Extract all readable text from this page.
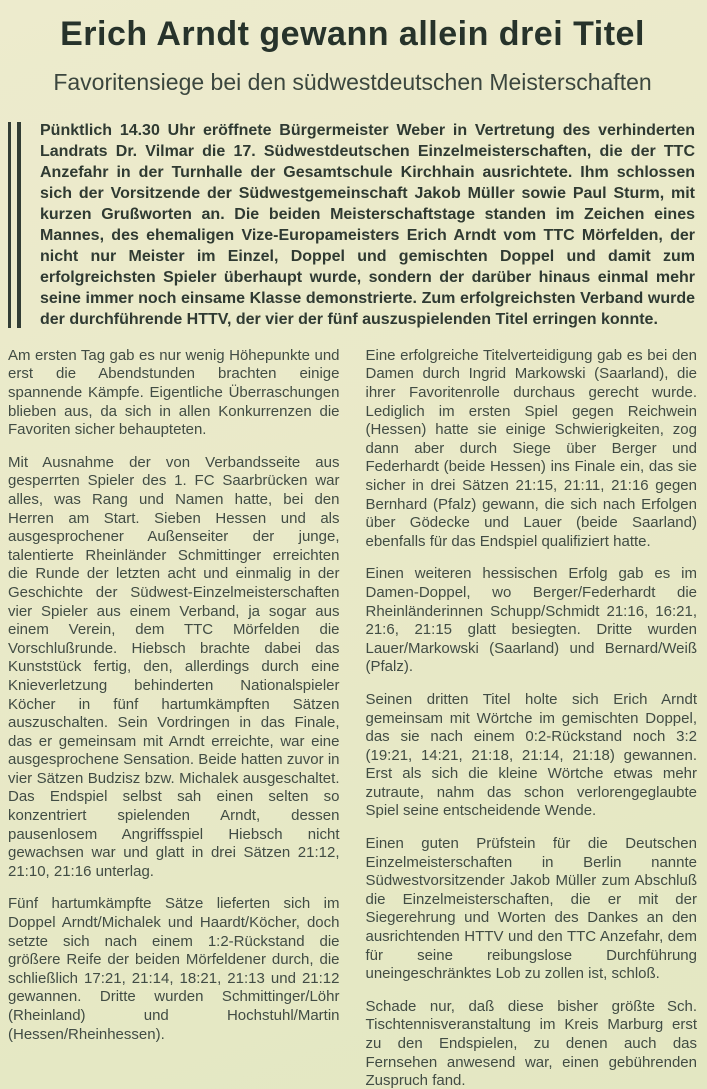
Erich Arndt gewann allein drei Titel
Favoritensiege bei den südwestdeutschen Meisterschaften
Pünktlich 14.30 Uhr eröffnete Bürgermeister Weber in Vertretung des verhinderten Landrats Dr. Vilmar die 17. Südwestdeutschen Einzelmeisterschaften, die der TTC Anzefahr in der Turnhalle der Gesamtschule Kirchhain ausrichtete. Ihm schlossen sich der Vorsitzende der Südwestgemeinschaft Jakob Müller sowie Paul Sturm, mit kurzen Grußworten an. Die beiden Meisterschaftstage standen im Zeichen eines Mannes, des ehemaligen Vize-Europameisters Erich Arndt vom TTC Mörfelden, der nicht nur Meister im Einzel, Doppel und gemischten Doppel und damit zum erfolgreichsten Spieler überhaupt wurde, sondern der darüber hinaus einmal mehr seine immer noch einsame Klasse demonstrierte. Zum erfolgreichsten Verband wurde der durchführende HTTV, der vier der fünf auszuspielenden Titel erringen konnte.

Am ersten Tag gab es nur wenig Höhepunkte und erst die Abendstunden brachten einige spannende Kämpfe. Eigentliche Überraschungen blieben aus, da sich in allen Konkurrenzen die Favoriten sicher behaupteten.

Mit Ausnahme der von Verbandsseite aus gesperrten Spieler des 1. FC Saarbrücken war alles, was Rang und Namen hatte, bei den Herren am Start. Sieben Hessen und als ausgesprochener Außenseiter der junge, talentierte Rheinländer Schmittinger erreichten die Runde der letzten acht und einmalig in der Geschichte der Südwest-Einzelmeisterschaften vier Spieler aus einem Verband, ja sogar aus einem Verein, dem TTC Mörfelden die Vorschlußrunde. Hiebsch brachte dabei das Kunststück fertig, den, allerdings durch eine Knieverletzung behinderten Nationalspieler Köcher in fünf hartumkämpften Sätzen auszuschalten. Sein Vordringen in das Finale, das er gemeinsam mit Arndt erreichte, war eine ausgesprochene Sensation. Beide hatten zuvor in vier Sätzen Budzisz bzw. Michalek ausgeschaltet. Das Endspiel selbst sah einen selten so konzentriert spielenden Arndt, dessen pausenlosem Angriffsspiel Hiebsch nicht gewachsen war und glatt in drei Sätzen 21:12, 21:10, 21:16 unterlag.

Fünf hartumkämpfte Sätze lieferten sich im Doppel Arndt/Michalek und Haardt/Köcher, doch setzte sich nach einem 1:2-Rückstand die größere Reife der beiden Mörfeldener durch, die schließlich 17:21, 21:14, 18:21, 21:13 und 21:12 gewannen. Dritte wurden Schmittinger/Löhr (Rheinland) und Hochstuhl/Martin (Hessen/Rheinhessen).

Eine erfolgreiche Titelverteidigung gab es bei den Damen durch Ingrid Markowski (Saarland), die ihrer Favoritenrolle durchaus gerecht wurde. Lediglich im ersten Spiel gegen Reichwein (Hessen) hatte sie einige Schwierigkeiten, zog dann aber durch Siege über Berger und Federhardt (beide Hessen) ins Finale ein, das sie sicher in drei Sätzen 21:15, 21:11, 21:16 gegen Bernhard (Pfalz) gewann, die sich nach Erfolgen über Gödecke und Lauer (beide Saarland) ebenfalls für das Endspiel qualifiziert hatte.

Einen weiteren hessischen Erfolg gab es im Damen-Doppel, wo Berger/Federhardt die Rheinländerinnen Schupp/Schmidt 21:16, 16:21, 21:6, 21:15 glatt besiegten. Dritte wurden Lauer/Markowski (Saarland) und Bernard/Weiß (Pfalz).

Seinen dritten Titel holte sich Erich Arndt gemeinsam mit Wörtche im gemischten Doppel, das sie nach einem 0:2-Rückstand noch 3:2 (19:21, 14:21, 21:18, 21:14, 21:18) gewannen. Erst als sich die kleine Wörtche etwas mehr zutraute, nahm das schon verlorengeglaubte Spiel seine entscheidende Wende.

Einen guten Prüfstein für die Deutschen Einzelmeisterschaften in Berlin nannte Südwestvorsitzender Jakob Müller zum Abschluß die Einzelmeisterschaften, die er mit der Siegerehrung und Worten des Dankes an den ausrichtenden HTTV und den TTC Anzefahr, dem für seine reibungslose Durchführung uneingeschränktes Lob zu zollen ist, schloß.

Sch.
Schade nur, daß diese bisher größte Tischtennisveranstaltung im Kreis Marburg erst zu den Endspielen, zu denen auch das Fernsehen anwesend war, einen gebührenden Zuspruch fand.
